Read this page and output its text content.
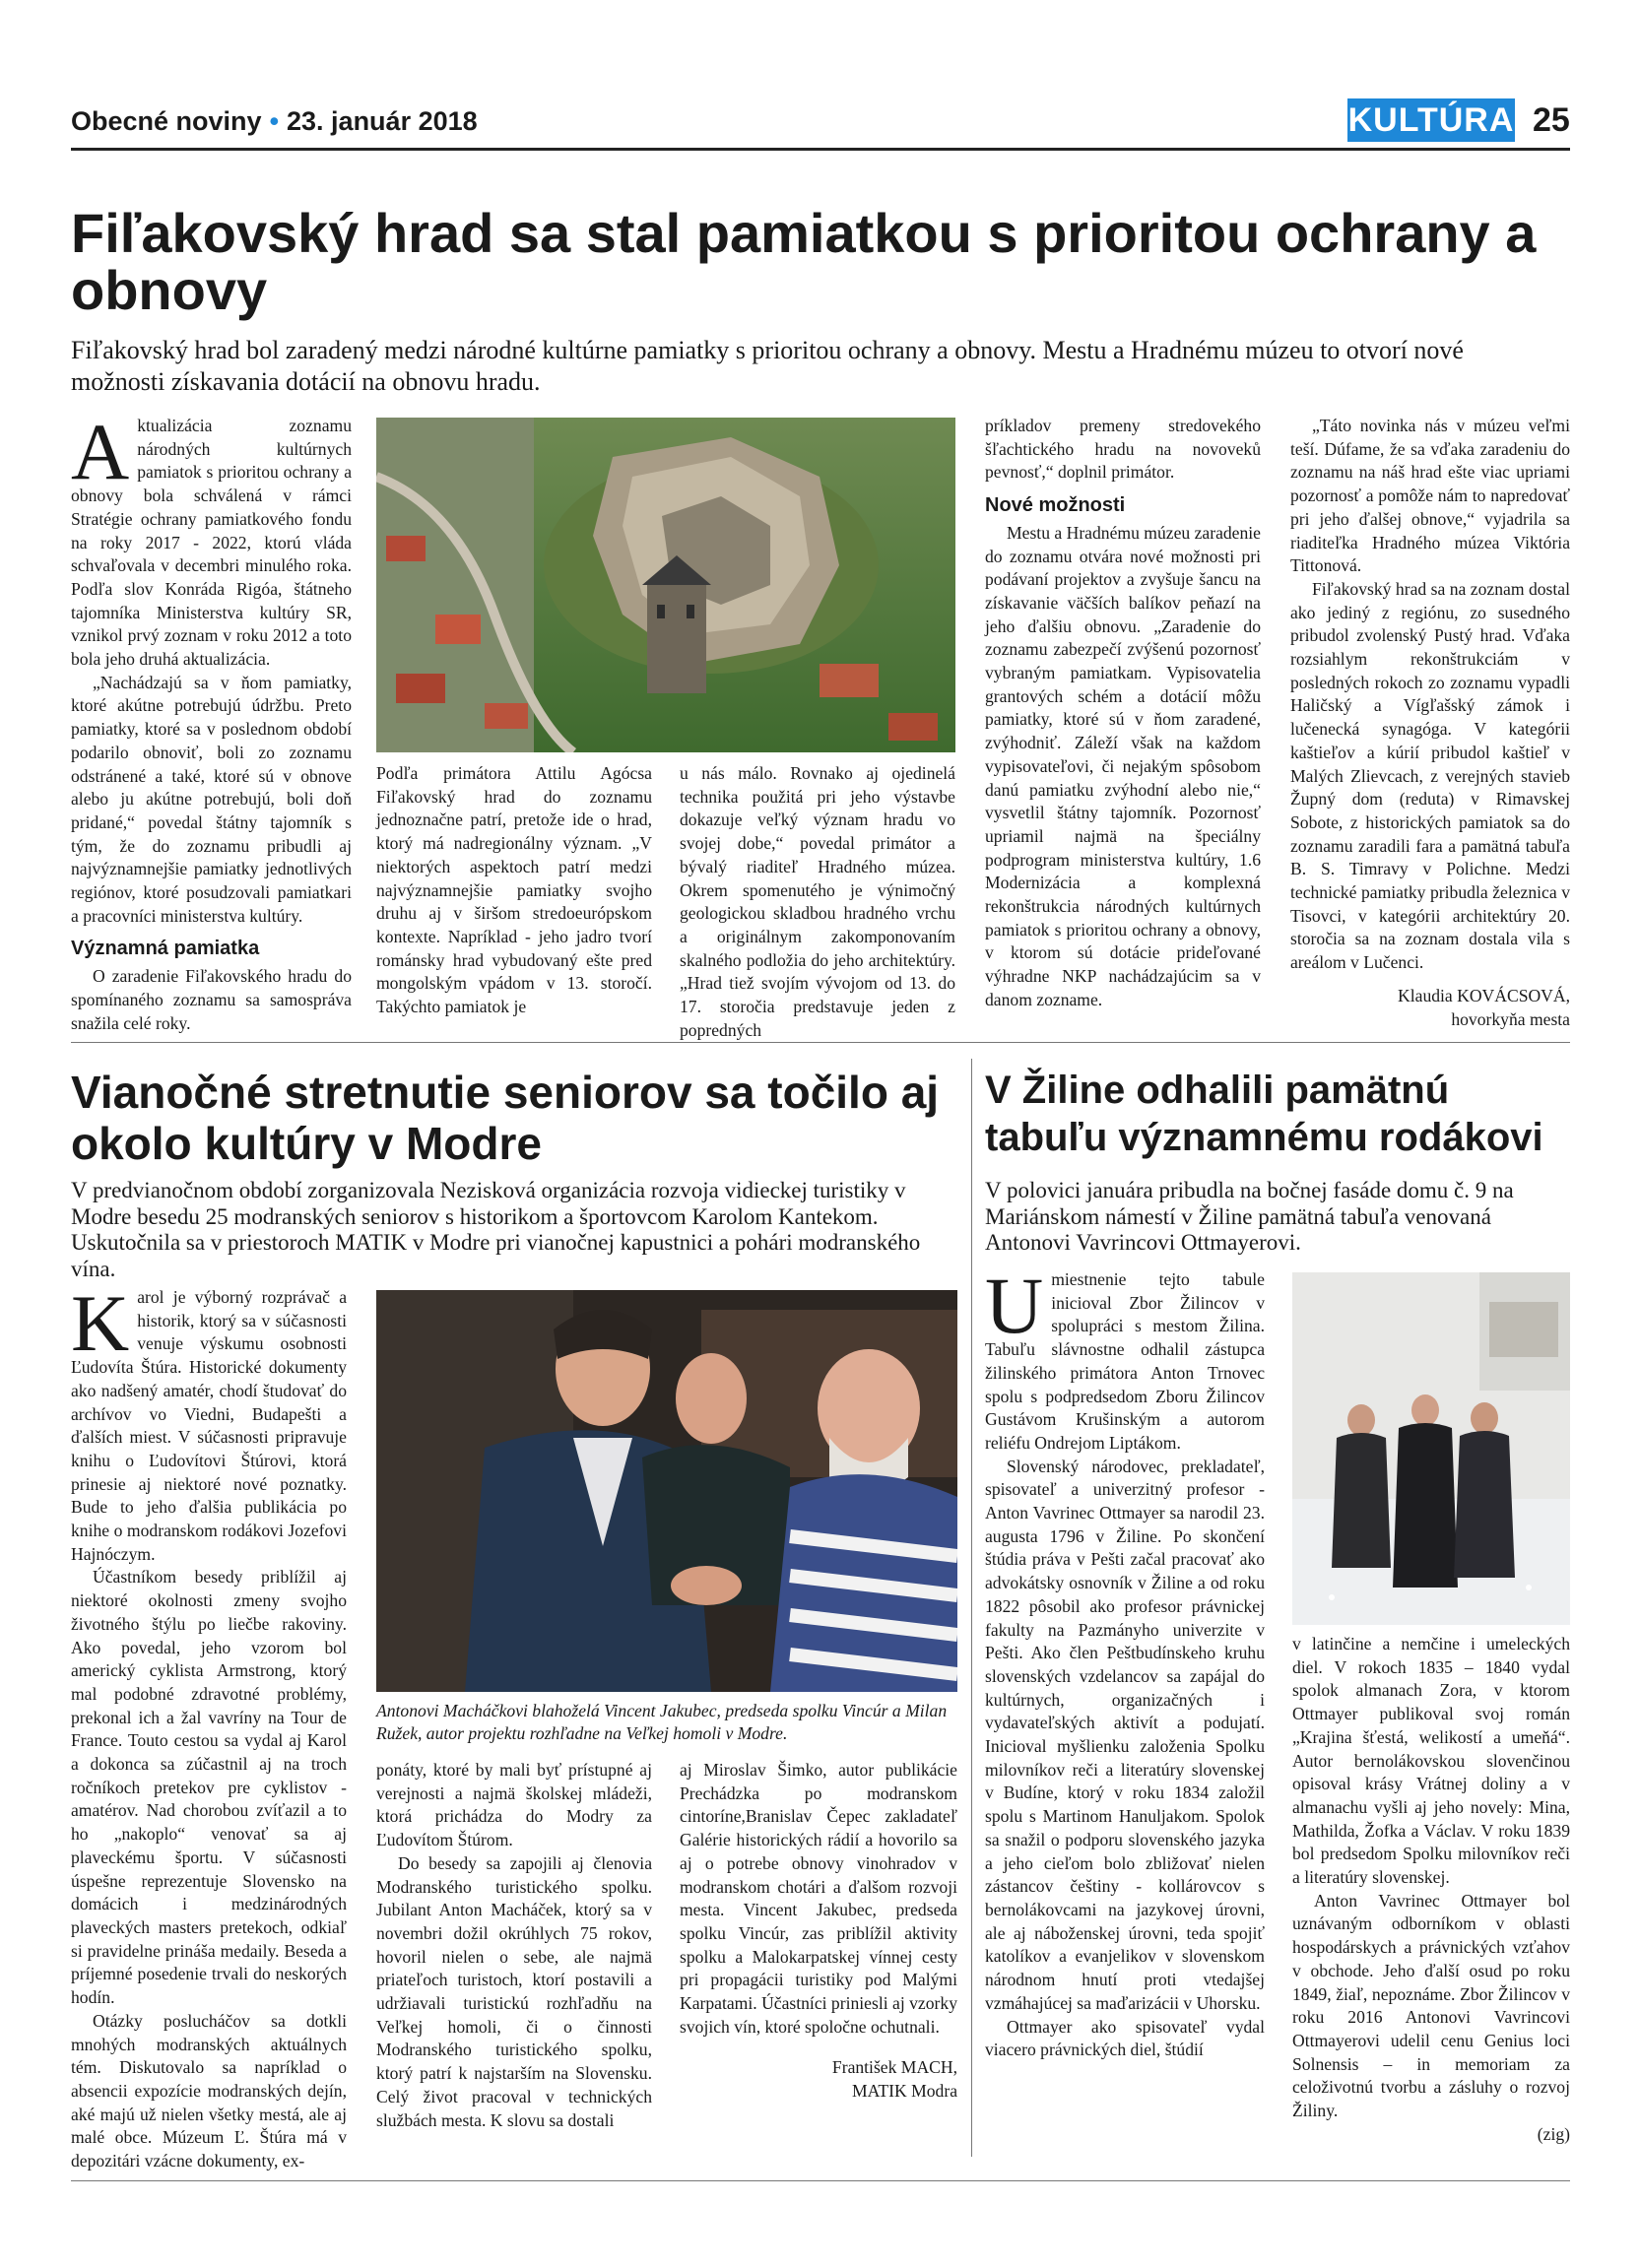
Obecné noviny • 23. január 2018	KULTÚRA 25
Fiľakovský hrad sa stal pamiatkou s prioritou ochrany a obnovy
Fiľakovský hrad bol zaradený medzi národné kultúrne pamiatky s prioritou ochrany a obnovy. Mestu a Hradnému múzeu to otvorí nové možnosti získavania dotácií na obnovu hradu.

Aktualizácia zoznamu národných kultúrnych pamiatok s prioritou ochrany a obnovy bola schválená v rámci Stratégie ochrany pamiatkového fondu na roky 2017 - 2022, ktorú vláda schvaľovala v decembri minulého roka. Podľa slov Konráda Rigóa, štátneho tajomníka Ministerstva kultúry SR, vznikol prvý zoznam v roku 2012 a toto bola jeho druhá aktualizácia.

„Nachádzajú sa v ňom pamiatky, ktoré akútne potrebujú údržbu. Preto pamiatky, ktoré sa v poslednom období podarilo obnoviť, boli zo zoznamu odstránené a také, ktoré sú v obnove alebo ju akútne potrebujú, boli doň pridané,“ povedal štátny tajomník s tým, že do zoznamu pribudli aj najvýznamnejšie pamiatky jednotlivých regiónov, ktoré posudzovali pamiatkari a pracovníci ministerstva kultúry.

Významná pamiatka

O zaradenie Fiľakovského hradu do spomínaného zoznamu sa samospráva snažila celé roky.

Podľa primátora Attilu Agócsa Fiľakovský hrad do zoznamu jednoznačne patrí, pretože ide o hrad, ktorý má nadregionálny význam. „V niektorých aspektoch patrí medzi najvýznamnejšie pamiatky svojho druhu aj v širšom stredoeurópskom kontexte. Napríklad - jeho jadro tvorí románsky hrad vybudovaný ešte pred mongolským vpádom v 13. storočí. Takýchto pamiatok je

u nás málo. Rovnako aj ojedinelá technika použitá pri jeho výstavbe dokazuje veľký význam hradu vo svojej dobe,“ povedal primátor a bývalý riaditeľ Hradného múzea. Okrem spomenutého je výnimočný geologickou skladbou hradného vrchu a originálnym zakomponovaním skalného podložia do jeho architektúry. „Hrad tiež svojím vývojom od 13. do 17. storočia predstavuje jeden z popredných

príkladov premeny stredovekého šľachtického hradu na novoveků pevnosť,“ doplnil primátor.

Nové možnosti

Mestu a Hradnému múzeu zaradenie do zoznamu otvára nové možnosti pri podávaní projektov a zvyšuje šancu na získavanie väčších balíkov peňazí na jeho ďalšiu obnovu. „Zaradenie do zoznamu zabezpečí zvýšenú pozornosť vybraným pamiatkam. Vypisovatelia grantových schém a dotácií môžu pamiatky, ktoré sú v ňom zaradené, zvýhodniť. Záleží však na každom vypisovateľovi, či nejakým spôsobom danú pamiatku zvýhodní alebo nie,“ vysvetlil štátny tajomník. Pozornosť upriamil najmä na špeciálny podprogram ministerstva kultúry, 1.6 Modernizácia a komplexná rekonštrukcia národných kultúrnych pamiatok s prioritou ochrany a obnovy, v ktorom sú dotácie prideľované výhradne NKP nachádzajúcim sa v danom zozname.

„Táto novinka nás v múzeu veľmi teší. Dúfame, že sa vďaka zaradeniu do zoznamu na náš hrad ešte viac upriami pozornosť a pomôže nám to napredovať pri jeho ďalšej obnove,“ vyjadrila sa riaditeľka Hradného múzea Viktória Tittonová.

Fiľakovský hrad sa na zoznam dostal ako jediný z regiónu, zo susedného pribudol zvolenský Pustý hrad. Vďaka rozsiahlym rekonštrukciám v posledných rokoch zo zoznamu vypadli Haličský a Vígľašský zámok i lučenecká synagóga. V kategórii kaštieľov a kúrií pribudol kaštieľ v Malých Zlievcach, z verejných stavieb Župný dom (reduta) v Rimavskej Sobote, z historických pamiatok sa do zoznamu zaradili fara a pamätná tabuľa B. S. Timravy v Polichne. Medzi technické pamiatky pribudla železnica v Tisovci, v kategórii architektúry 20. storočia sa na zoznam dostala vila s areálom v Lučenci.

Klaudia KOVÁCSOVÁ,

hovorkyňa mesta

Vianočné stretnutie seniorov sa točilo aj okolo kultúry v Modre
V predvianočnom období zorganizovala Nezisková organizácia rozvoja vidieckej turistiky v Modre besedu 25 modranských seniorov s historikom a športovcom Karolom Kantekom. Uskutočnila sa v priestoroch MATIK v Modre pri vianočnej kapustnici a pohári modranského vína.

Karol je výborný rozprávač a historik, ktorý sa v súčasnosti venuje výskumu osobnosti Ľudovíta Štúra. Historické dokumenty ako nadšený amatér, chodí študovať do archívov vo Viedni, Budapešti a ďalších miest. V súčasnosti pripravuje knihu o Ľudovítovi Štúrovi, ktorá prinesie aj niektoré nové poznatky. Bude to jeho ďalšia publikácia po knihe o modranskom rodákovi Jozefovi Hajnóczym.

Účastníkom besedy priblížil aj niektoré okolnosti zmeny svojho životného štýlu po liečbe rakoviny. Ako povedal, jeho vzorom bol americký cyklista Armstrong, ktorý mal podobné zdravotné problémy, prekonal ich a žal vavríny na Tour de France. Touto cestou sa vydal aj Karol a dokonca sa zúčastnil aj na troch ročníkoch pretekov pre cyklistov - amatérov. Nad chorobou zvíťazil a to ho „nakoplo“ venovať sa aj plaveckému športu. V súčasnosti úspešne reprezentuje Slovensko na domácich i medzinárodných plaveckých masters pretekoch, odkiaľ si pravidelne prináša medaily. Beseda a príjemné posedenie trvali do neskorých hodín.

Otázky poslucháčov sa dotkli mnohých modranských aktuálnych tém. Diskutovalo sa napríklad o absencii expozície modranských dejín, aké majú už nielen všetky mestá, ale aj malé obce. Múzeum Ľ. Štúra má v depozitári vzácne dokumenty, ex-

Antonovi Macháčkovi blahoželá Vincent Jakubec, predseda spolku Vincúr a Milan Ružek, autor projektu rozhľadne na Veľkej homoli v Modre.

ponáty, ktoré by mali byť prístupné aj verejnosti a najmä školskej mládeži, ktorá prichádza do Modry za Ľudovítom Štúrom.

Do besedy sa zapojili aj členovia Modranského turistického spolku. Jubilant Anton Macháček, ktorý sa v novembri dožil okrúhlych 75 rokov, hovoril nielen o sebe, ale najmä priateľoch turistoch, ktorí postavili a udržiavali turistickú rozhľadňu na Veľkej homoli, či o činnosti Modranského turistického spolku, ktorý patrí k najstarším na Slovensku. Celý život pracoval v technických službách mesta. K slovu sa dostali

aj Miroslav Šimko, autor publikácie Prechádzka po modranskom cintoríne,Branislav Čepec zakladateľ Galérie historických rádií a hovorilo sa aj o potrebe obnovy vinohradov v modranskom chotári a ďalšom rozvoji mesta. Vincent Jakubec, predseda spolku Vincúr, zas priblížil aktivity spolku a Malokarpatskej vínnej cesty pri propagácii turistiky pod Malými Karpatami. Účastníci priniesli aj vzorky svojich vín, ktoré spoločne ochutnali.

František MACH,

MATIK Modra

V Žiline odhalili pamätnú tabuľu významnému rodákovi
V polovici januára pribudla na bočnej fasáde domu č. 9 na Mariánskom námestí v Žiline pamätná tabuľa venovaná Antonovi Vavrincovi Ottmayerovi.

Umiestnenie tejto tabule inicioval Zbor Žilincov v spolupráci s mestom Žilina. Tabuľu slávnostne odhalil zástupca žilinského primátora Anton Trnovec spolu s podpredsedom Zboru Žilincov Gustávom Krušinským a autorom reliéfu Ondrejom Liptákom.

Slovenský národovec, prekladateľ, spisovateľ a univerzitný profesor - Anton Vavrinec Ottmayer sa narodil 23. augusta 1796 v Žiline. Po skončení štúdia práva v Pešti začal pracovať ako advokátsky osnovník v Žiline a od roku 1822 pôsobil ako profesor právnickej fakulty na Pazmányho univerzite v Pešti. Ako člen Peštbudínskeho kruhu slovenských vzdelancov sa zapájal do kultúrnych, organizačných i vydavateľských aktivít a podujatí. Inicioval myšlienku založenia Spolku milovníkov reči a literatúry slovenskej v Budíne, ktorý v roku 1834 založil spolu s Martinom Hanuljakom. Spolok sa snažil o podporu slovenského jazyka a jeho cieľom bolo zbližovať nielen zástancov češtiny - kollárovcov s bernolákovcami na jazykovej úrovni, ale aj náboženskej úrovni, teda spojiť katolíkov a evanjelikov v slovenskom národnom hnutí proti vtedajšej vzmáhajúcej sa maďarizácii v Uhorsku.

Ottmayer ako spisovateľ vydal viacero právnických diel, štúdií

v latinčine a nemčine i umeleckých diel. V rokoch 1835 – 1840 vydal spolok almanach Zora, v ktorom Ottmayer publikoval svoj román „Krajina šťestá, welikostí a umeňá“. Autor bernolákovskou slovenčinou opisoval krásy Vrátnej doliny a v almanachu vyšli aj jeho novely: Mina, Mathilda, Žofka a Václav. V roku 1839 bol predsedom Spolku milovníkov reči a literatúry slovenskej.

Anton Vavrinec Ottmayer bol uznávaným odborníkom v oblasti hospodárskych a právnických vzťahov v obchode. Jeho ďalší osud po roku 1849, žiaľ, nepoznáme. Zbor Žilincov v roku 2016 Antonovi Vavrincovi Ottmayerovi udelil cenu Genius loci Solnensis – in memoriam za celoživotnú tvorbu a zásluhy o rozvoj Žiliny.

(zig)
